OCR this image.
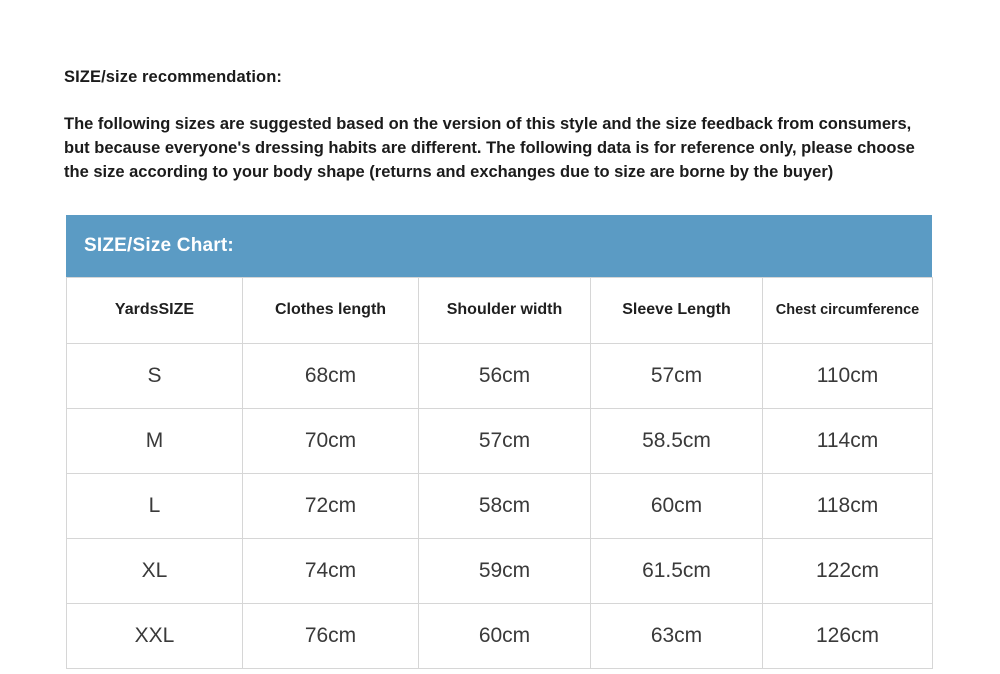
SIZE/size recommendation:
The following sizes are suggested based on the version of this style and the size feedback from consumers, but because everyone's dressing habits are different. The following data is for reference only, please choose the size according to your body shape (returns and exchanges due to size are borne by the buyer)
SIZE/Size Chart:
YardsSIZE	Clothes length	Shoulder width	Sleeve Length	Chest circumference
S	68cm	56cm	57cm	110cm
M	70cm	57cm	58.5cm	114cm
L	72cm	58cm	60cm	118cm
XL	74cm	59cm	61.5cm	122cm
XXL	76cm	60cm	63cm	126cm
